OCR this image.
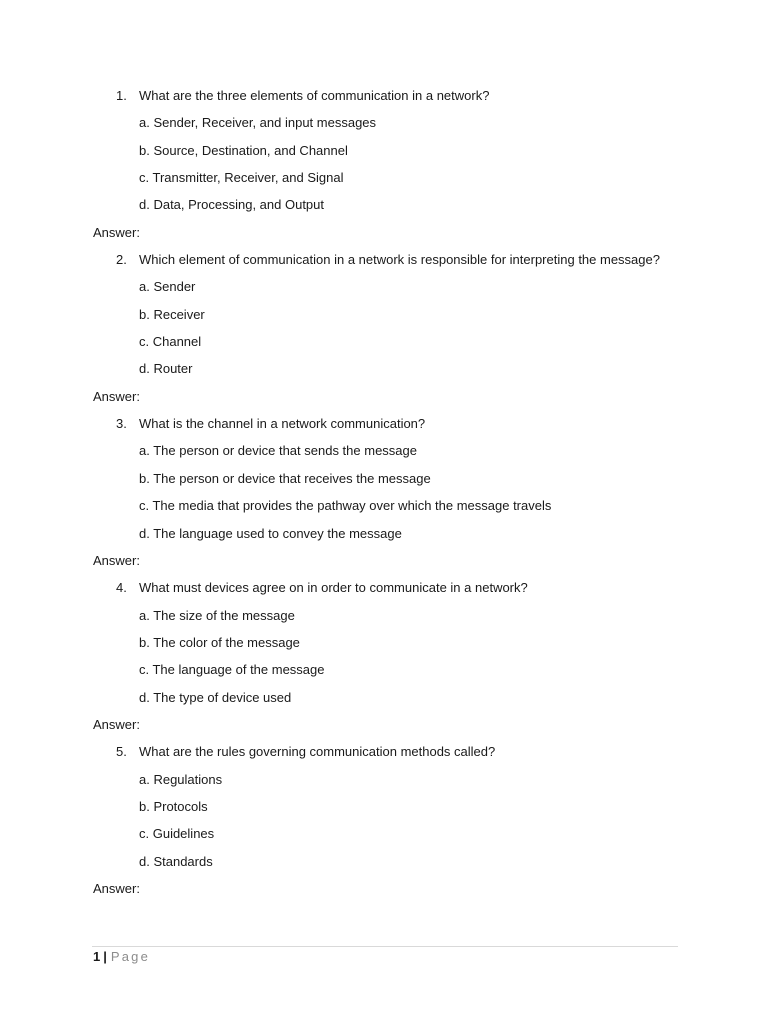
1. What are the three elements of communication in a network?
a. Sender, Receiver, and input messages
b. Source, Destination, and Channel
c. Transmitter, Receiver, and Signal
d. Data, Processing, and Output
Answer:
2. Which element of communication in a network is responsible for interpreting the message?
a. Sender
b. Receiver
c. Channel
d. Router
Answer:
3. What is the channel in a network communication?
a. The person or device that sends the message
b. The person or device that receives the message
c. The media that provides the pathway over which the message travels
d. The language used to convey the message
Answer:
4. What must devices agree on in order to communicate in a network?
a. The size of the message
b. The color of the message
c. The language of the message
d. The type of device used
Answer:
5. What are the rules governing communication methods called?
a. Regulations
b. Protocols
c. Guidelines
d. Standards
Answer:
1 | Page
